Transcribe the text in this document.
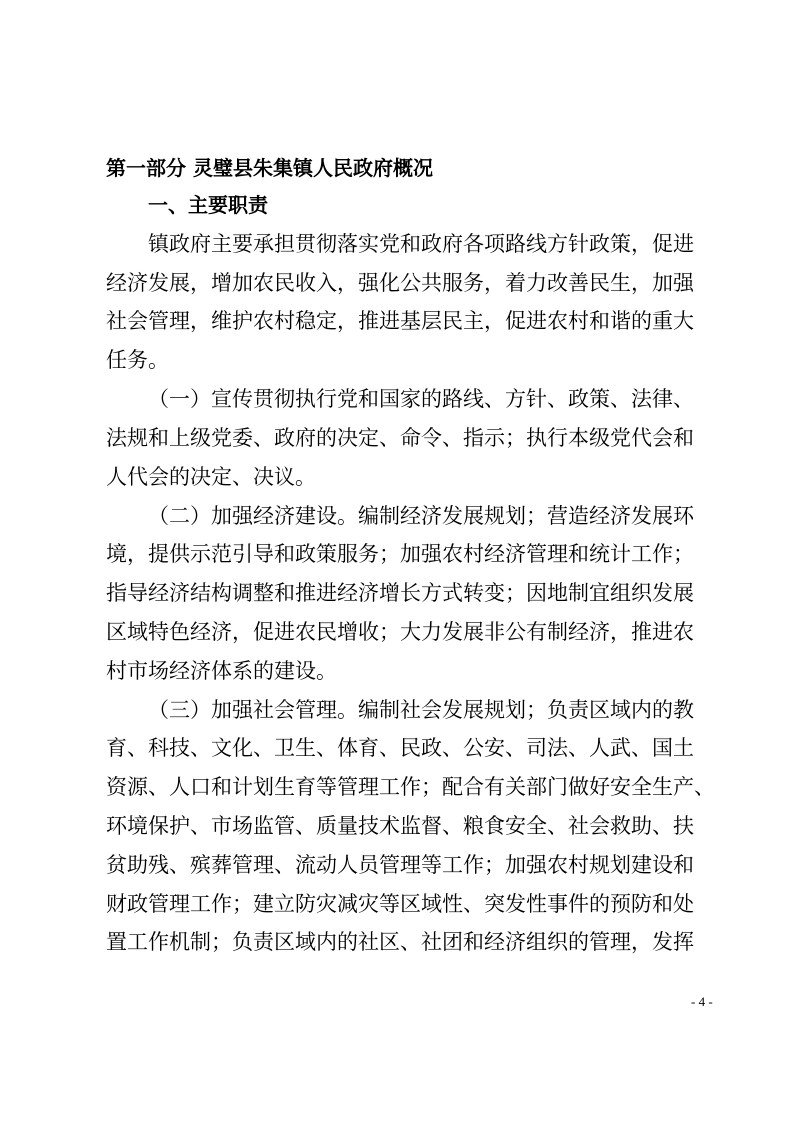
第一部分 灵璧县朱集镇人民政府概况
一、主要职责
镇政府主要承担贯彻落实党和政府各项路线方针政策，促进
经济发展，增加农民收入，强化公共服务，着力改善民生，加强
社会管理，维护农村稳定，推进基层民主，促进农村和谐的重大
任务。
（一）宣传贯彻执行党和国家的路线、方针、政策、法律、
法规和上级党委、政府的决定、命令、指示；执行本级党代会和
人代会的决定、决议。
（二）加强经济建设。编制经济发展规划；营造经济发展环
境，提供示范引导和政策服务；加强农村经济管理和统计工作；
指导经济结构调整和推进经济增长方式转变；因地制宜组织发展
区域特色经济，促进农民增收；大力发展非公有制经济，推进农
村市场经济体系的建设。
（三）加强社会管理。编制社会发展规划；负责区域内的教
育、科技、文化、卫生、体育、民政、公安、司法、人武、国土
资源、人口和计划生育等管理工作；配合有关部门做好安全生产、
环境保护、市场监管、质量技术监督、粮食安全、社会救助、扶
贫助残、殡葬管理、流动人员管理等工作；加强农村规划建设和
财政管理工作；建立防灾减灾等区域性、突发性事件的预防和处
置工作机制；负责区域内的社区、社团和经济组织的管理，发挥
- 4 -
